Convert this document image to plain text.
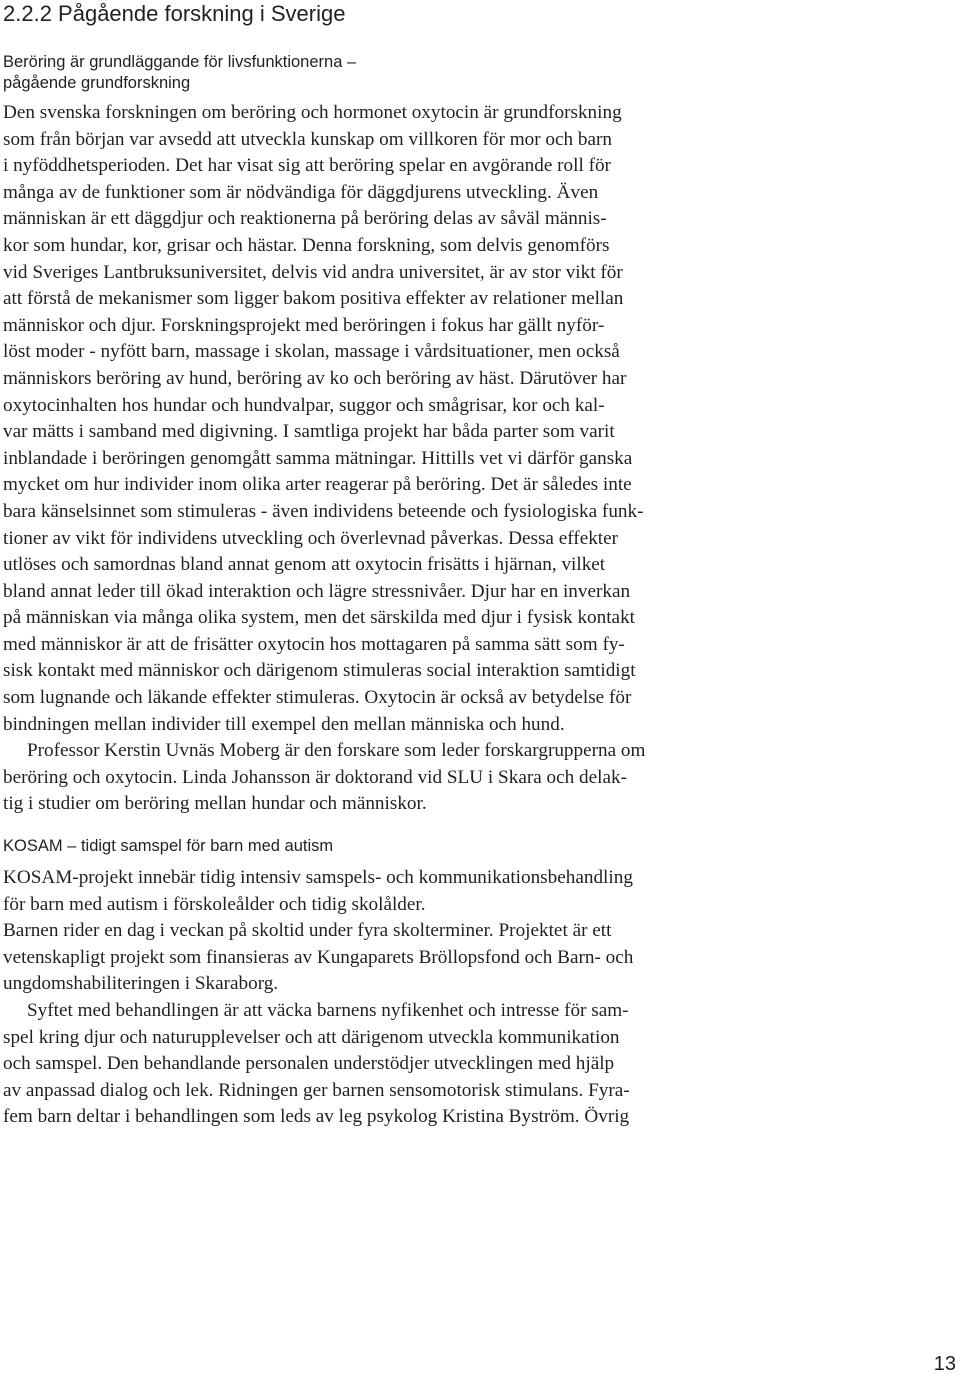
2.2.2 Pågående forskning i Sverige
Beröring är grundläggande för livsfunktionerna –
pågående grundforskning
Den svenska forskningen om beröring och hormonet oxytocin är grundforskning
som från början var avsedd att utveckla kunskap om villkoren för mor och barn
i nyföddhetsperioden. Det har visat sig att beröring spelar en avgörande roll för
många av de funktioner som är nödvändiga för däggdjurens utveckling. Även
människan är ett däggdjur och reaktionerna på beröring delas av såväl männis-
kor som hundar, kor, grisar och hästar. Denna forskning, som delvis genomförs
vid Sveriges Lantbruksuniversitet, delvis vid andra universitet, är av stor vikt för
att förstå de mekanismer som ligger bakom positiva effekter av relationer mellan
människor och djur. Forskningsprojekt med beröringen i fokus har gällt nyför-
löst moder - nyfött barn, massage i skolan, massage i vårdsituationer, men också
människors beröring av hund, beröring av ko och beröring av häst. Därutöver har
oxytocinhalten hos hundar och hundvalpar, suggor och smågrisar, kor och kal-
var mätts i samband med digivning. I samtliga projekt har båda parter som varit
inblandade i beröringen genomgått samma mätningar. Hittills vet vi därför ganska
mycket om hur individer inom olika arter reagerar på beröring. Det är således inte
bara känselsinnet som stimuleras - även individens beteende och fysiologiska funk-
tioner av vikt för individens utveckling och överlevnad påverkas. Dessa effekter
utlöses och samordnas bland annat genom att oxytocin frisätts i hjärnan, vilket
bland annat leder till ökad interaktion och lägre stressnivåer. Djur har en inverkan
på människan via många olika system, men det särskilda med djur i fysisk kontakt
med människor är att de frisätter oxytocin hos mottagaren på samma sätt som fy-
sisk kontakt med människor och därigenom stimuleras social interaktion samtidigt
som lugnande och läkande effekter stimuleras. Oxytocin är också av betydelse för
bindningen mellan individer till exempel den mellan människa och hund.
Professor Kerstin Uvnäs Moberg är den forskare som leder forskargrupperna om
beröring och oxytocin. Linda Johansson är doktorand vid SLU i Skara och delak-
tig i studier om beröring mellan hundar och människor.
KOSAM – tidigt samspel för barn med autism
KOSAM-projekt innebär tidig intensiv samspels- och kommunikationsbehandling
för barn med autism i förskoleålder och tidig skolålder.
Barnen rider en dag i veckan på skoltid under fyra skolterminer. Projektet är ett
vetenskapligt projekt som finansieras av Kungaparets Bröllopsfond och Barn- och
ungdomshabiliteringen i Skaraborg.
Syftet med behandlingen är att väcka barnens nyfikenhet och intresse för sam-
spel kring djur och naturupplevelser och att därigenom utveckla kommunikation
och samspel. Den behandlande personalen understödjer utvecklingen med hjälp
av anpassad dialog och lek. Ridningen ger barnen sensomotorisk stimulans. Fyra-
fem barn deltar i behandlingen som leds av leg psykolog Kristina Byström. Övrig
13
